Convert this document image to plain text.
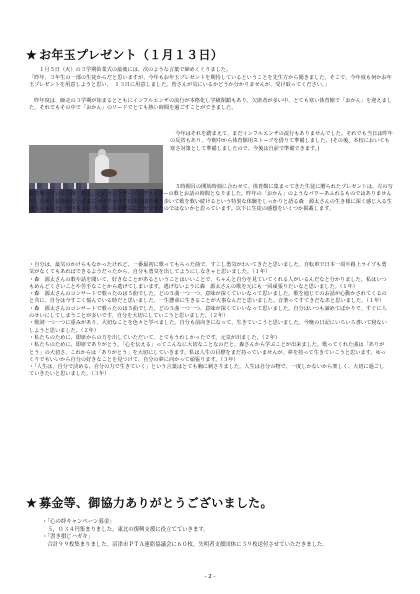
★ お年玉プレゼント（１月１３日）
　１月５日（火）の３学期始業式の最後には、次のような言葉で締めくくりました。
「昨年、３年生の一部の生徒からだと思いますが、今年もお年玉プレゼントを期待しているということを先生方から聞きました。そこで、今年度も何かお年玉プレゼントを用意しようと思い、　１３日に用意しました。皆さんが気にいるかどうか分かりませんが、受け取ってください。」
　昨年度は、師走の３学期が始まるとともにインフルエンザの流行が本格化し学級閉鎖もあり、欠席者が多い中、とても寒い体育館で「おかん」を迎えました。それでもその中で「おかん」のリードでとても熱い時間を過ごすことができました。
　今年はそれを踏まえて、まだインフルエンザの流行もありませんでした。それでも当日は昨年の反省もあり、今朝中から体育館用ストーブを借りて準備しました。(その後、本校においても寒さ対策として準備しましたので、今後は自前で準備できます。)
　５時間目の開始時刻に合わせて、体育館に集まってきた生徒に贈られたプレゼントは、左の写真で歌っている「森　源太」というシンガーソングライターの歌とお話の時間となりました。昨年の「おかん」のようなパワーあふれるものではありませんでしたが、お金のないままにママチャリで日本全国を渡り歩いて歌を歌い続けるという特異な体験をしっかりと語る森　源太さんの生き様に深く感じ入る生徒もいました。今年もよいプレゼントを贈ることができたのではないかと思っています。以下に生徒の感想をいくつか掲載します。

・自分は、最気のかけらもなかったけれど、一番最初に歌ってもらった曲で、すこし勇気がわいてきたと思いました。自転車で日本一周や路上ライブも勇気がなくてもあればできるようだったから、自分も勇気を出してようにしなきゃと思いました。（１年）

・森　源太さんの歌や話を聞いて、好きなことがあるということはいいことで、ちゃんと自分を見ていてくれる人がいるんだなと分かりました。私はいつもめんどくさいことや苦手なことから逃げてしまいます。逃げないように森　源太さんの歌を元にも一回頑張りたいなと思いました。（１年）

・森　源太さんのコンサートで歌ったのは５曲でした。どの５曲一つ一つ、意味が深くていいなって思いました。歌を通じてのお話が心動かされてくるのと共に、自分は今すごく悩んでいる時だと思いました。一生懸命に生きることが大事なんだと思いました。音楽ってすてきだなあと思いました。（１年）

・森　源太さんのコンサートで歌ったのは５曲でした。どの５曲一つ一つ、意味が深くていいなって思いました。自分はいつも諦めてばかりで、すぐに人のせいにしてしまうことが多いです。自分を大切にしていこうと思いました。（２年）

・歌詞一つ一つに重みがあり、大切なことを色々と学べました。自分も前向きになって、生きていこうと思いました。今晩の日記にいろいろ書いて寝ないしようと思いました。（２年）

・私たちのために、即席からの力を出していただいて、とてもうれしかったです。元気が出ました。（２年）

・私たちのために、即席でありがとう。「心を伝える」ってこんなに大切なことなのだと、森さんから学ぶことが出来ました。歌ってくれた曲は「ありがとう」の大切さ、これからは「ありがとう」を大切にしていきます。私は人生の目標をまだ持っていませんが、夢を持って生きていこうと思います。ゆっくりでもいいから自分の好きなことを見つけて、自分の夢に向かって頑張ります。（３年）

・「人生は、自分で決める、自分の力で生きていく」という言葉はとても胸に刺さりました。人生は自分の物で、一度しかないから楽しく、大切に過ごしていきたいと思いました。（３年）

★ 募金等、御協力ありがとうございました。

・「心の絆キャンペーン募金」

　５，０３４円集まりました。東北の復興支援に役立てていきます。

・「書き損じハガキ」

　合計９９枚集まりました。沼津市ＰＴＡ連絡協議会に６０枚、失明者支援団体に３９枚送付させていただきました。

- 2 -
